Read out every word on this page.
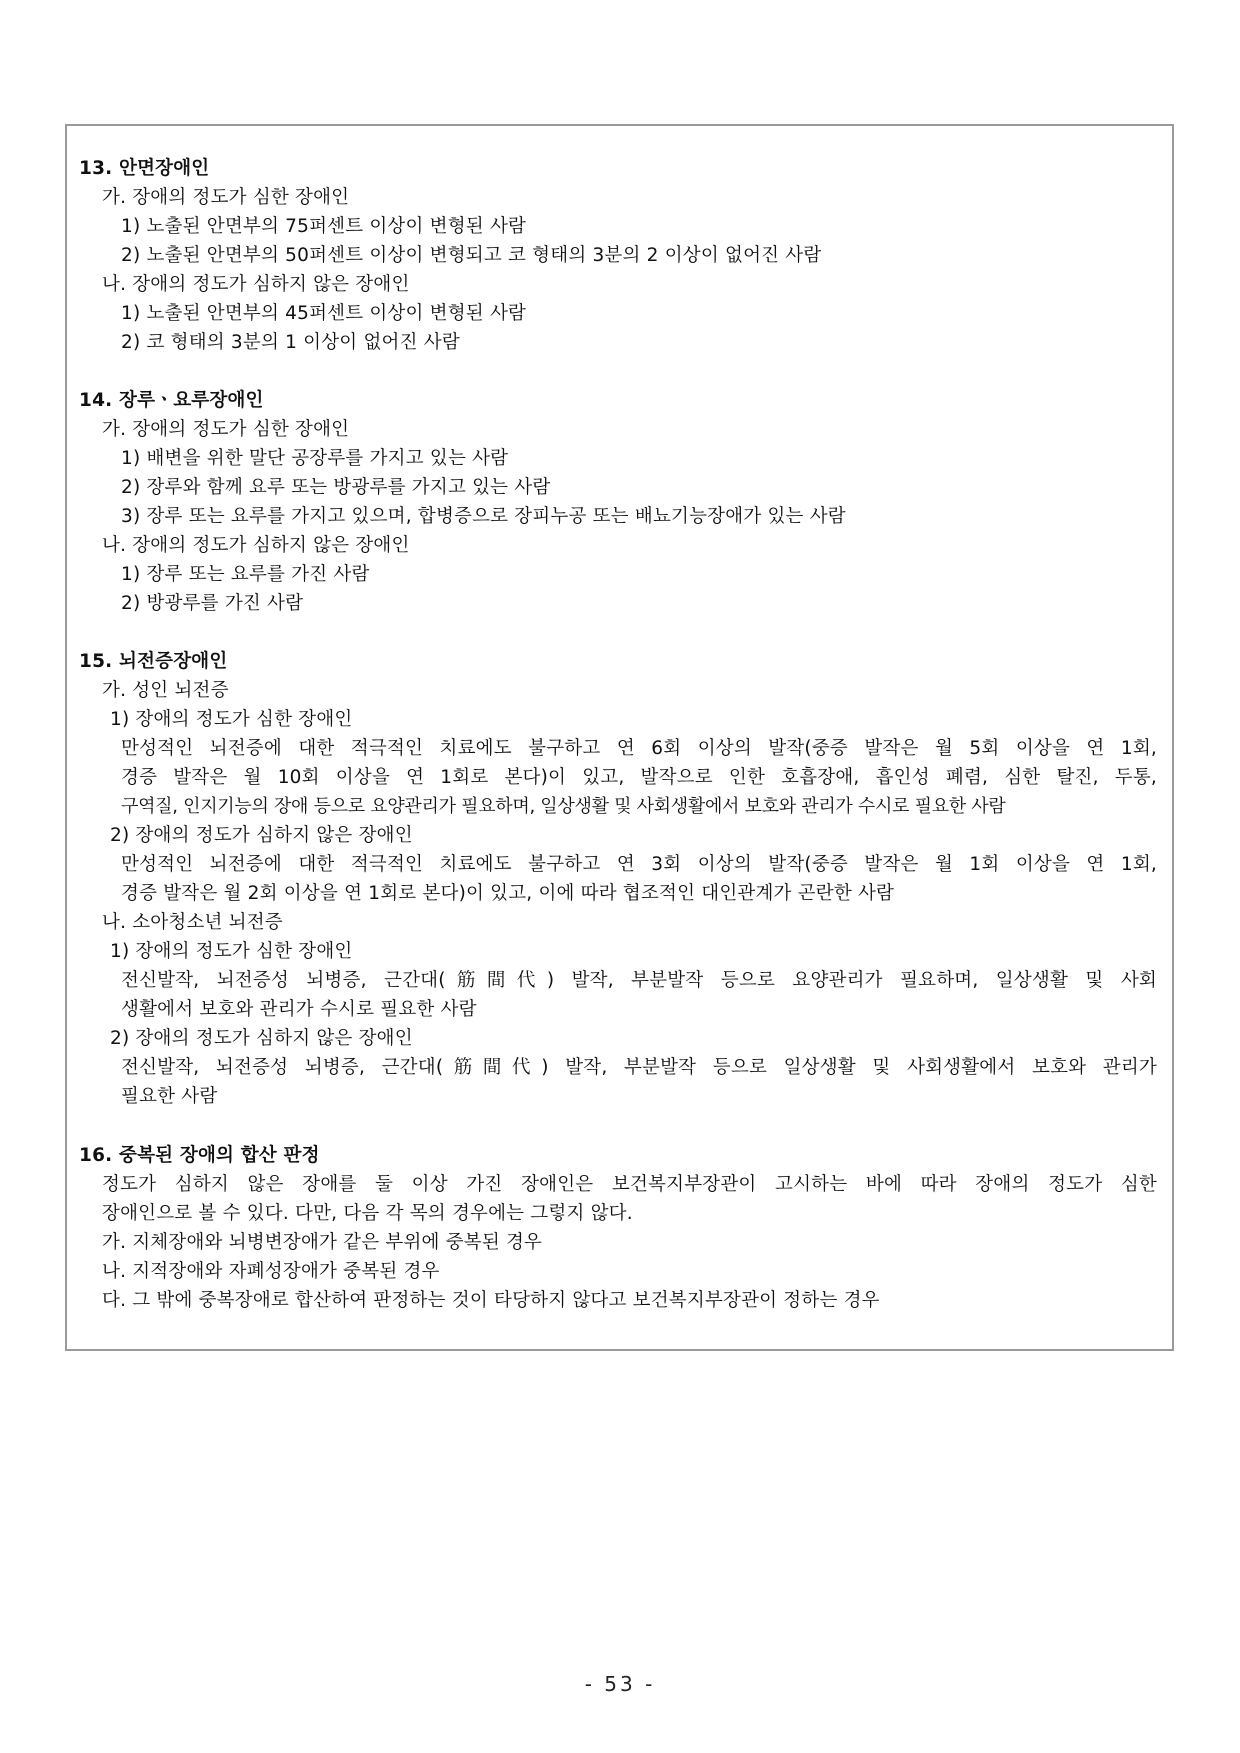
13. 안면장애인
가. 장애의 정도가 심한 장애인
1) 노출된 안면부의 75퍼센트 이상이 변형된 사람
2) 노출된 안면부의 50퍼센트 이상이 변형되고 코 형태의 3분의 2 이상이 없어진 사람
나. 장애의 정도가 심하지 않은 장애인
1) 노출된 안면부의 45퍼센트 이상이 변형된 사람
2) 코 형태의 3분의 1 이상이 없어진 사람
14. 장루ㆍ요루장애인
가. 장애의 정도가 심한 장애인
1) 배변을 위한 말단 공장루를 가지고 있는 사람
2) 장루와 함께 요루 또는 방광루를 가지고 있는 사람
3) 장루 또는 요루를 가지고 있으며, 합병증으로 장피누공 또는 배뇨기능장애가 있는 사람
나. 장애의 정도가 심하지 않은 장애인
1) 장루 또는 요루를 가진 사람
2) 방광루를 가진 사람
15. 뇌전증장애인
가. 성인 뇌전증
1) 장애의 정도가 심한 장애인
만성적인 뇌전증에 대한 적극적인 치료에도 불구하고 연 6회 이상의 발작(중증 발작은 월 5회 이상을 연 1회,
경증 발작은 월 10회 이상을 연 1회로 본다)이 있고, 발작으로 인한 호흡장애, 흡인성 폐렴, 심한 탈진, 두통,
구역질, 인지기능의 장애 등으로 요양관리가 필요하며, 일상생활 및 사회생활에서 보호와 관리가 수시로 필요한 사람
2) 장애의 정도가 심하지 않은 장애인
만성적인 뇌전증에 대한 적극적인 치료에도 불구하고 연 3회 이상의 발작(중증 발작은 월 1회 이상을 연 1회,
경증 발작은 월 2회 이상을 연 1회로 본다)이 있고, 이에 따라 협조적인 대인관계가 곤란한 사람
나. 소아청소년 뇌전증
1) 장애의 정도가 심한 장애인
전신발작, 뇌전증성 뇌병증, 근간대(筋間代) 발작, 부분발작 등으로 요양관리가 필요하며, 일상생활 및 사회
생활에서 보호와 관리가 수시로 필요한 사람
2) 장애의 정도가 심하지 않은 장애인
전신발작, 뇌전증성 뇌병증, 근간대(筋間代) 발작, 부분발작 등으로 일상생활 및 사회생활에서 보호와 관리가
필요한 사람
16. 중복된 장애의 합산 판정
정도가 심하지 않은 장애를 둘 이상 가진 장애인은 보건복지부장관이 고시하는 바에 따라 장애의 정도가 심한
장애인으로 볼 수 있다. 다만, 다음 각 목의 경우에는 그렇지 않다.
가. 지체장애와 뇌병변장애가 같은 부위에 중복된 경우
나. 지적장애와 자폐성장애가 중복된 경우
다. 그 밖에 중복장애로 합산하여 판정하는 것이 타당하지 않다고 보건복지부장관이 정하는 경우
- 53 -
